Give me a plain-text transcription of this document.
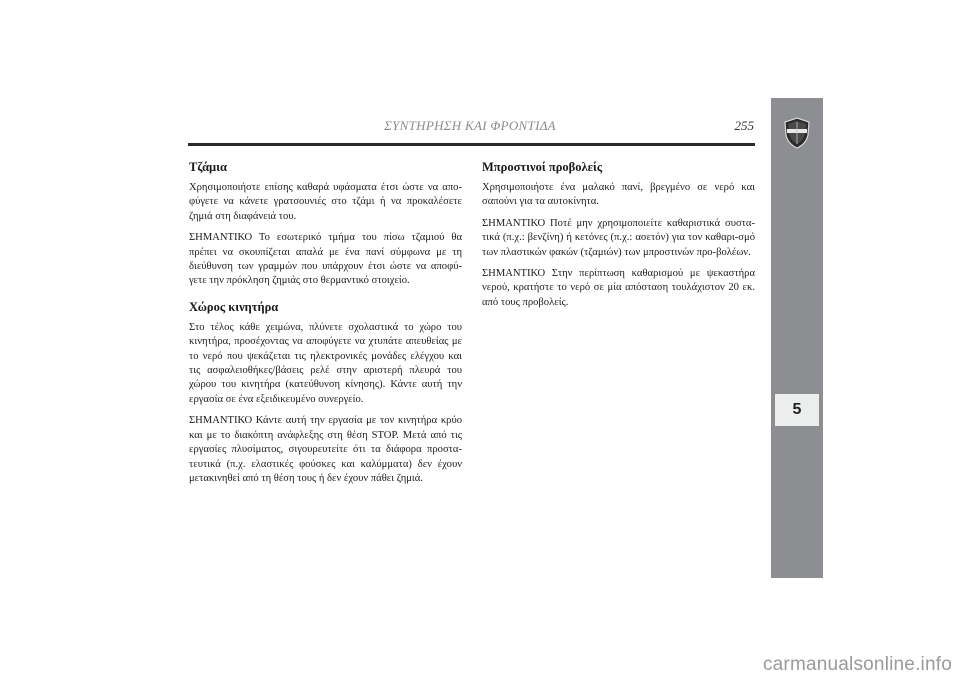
ΣΥΝΤΗΡΗΣΗ ΚΑΙ ΦΡΟΝΤΙΔΑ	255
5
Τζάμια

Χρησιμοποιήστε επίσης καθαρά υφάσματα έτσι ώστε να απο-φύγετε να κάνετε γρατσουνιές στο τζάμι ή να προκαλέσετε ζημιά στη διαφάνειά του.

ΣΗΜΑΝΤΙΚΟ Το εσωτερικό τμήμα του πίσω τζαμιού θα πρέπει να σκουπίζεται απαλά με ένα πανί σύμφωνα με τη διεύθυνση των γραμμών που υπάρχουν έτσι ώστε να αποφύ-γετε την πρόκληση ζημιάς στο θερμαντικό στοιχείο.

Χώρος κινητήρα

Στο τέλος κάθε χειμώνα, πλύνετε σχολαστικά το χώρο του κινητήρα, προσέχοντας να αποφύγετε να χτυπάτε απευθείας με το νερό που ψεκάζεται τις ηλεκτρονικές μονάδες ελέγχου και τις ασφαλειοθήκες/βάσεις ρελέ στην αριστερή πλευρά του χώρου του κινητήρα (κατεύθυνση κίνησης). Κάντε αυτή την εργασία σε ένα εξειδικευμένο συνεργείο.

ΣΗΜΑΝΤΙΚΟ Κάντε αυτή την εργασία με τον κινητήρα κρύο και με το διακόπτη ανάφλεξης στη θέση STOP. Μετά από τις εργασίες πλυσίματος, σιγουρευτείτε ότι τα διάφορα προστα-τευτικά (π.χ. ελαστικές φούσκες και καλύμματα) δεν έχουν μετακινηθεί από τη θέση τους ή δεν έχουν πάθει ζημιά.

Μπροστινοί προβολείς

Χρησιμοποιήστε ένα μαλακό πανί, βρεγμένο σε νερό και σαπούνι για τα αυτοκίνητα.

ΣΗΜΑΝΤΙΚΟ Ποτέ μην χρησιμοποιείτε καθαριστικά συστα-τικά (π.χ.: βενζίνη) ή κετόνες (π.χ.: ασετόν) για τον καθαρι-σμό των πλαστικών φακών (τζαμιών) των μπροστινών προ-βολέων.

ΣΗΜΑΝΤΙΚΟ Στην περίπτωση καθαρισμού με ψεκαστήρα νερού, κρατήστε το νερό σε μία απόσταση τουλάχιστον 20 εκ. από τους προβολείς.

carmanualsonline.info
